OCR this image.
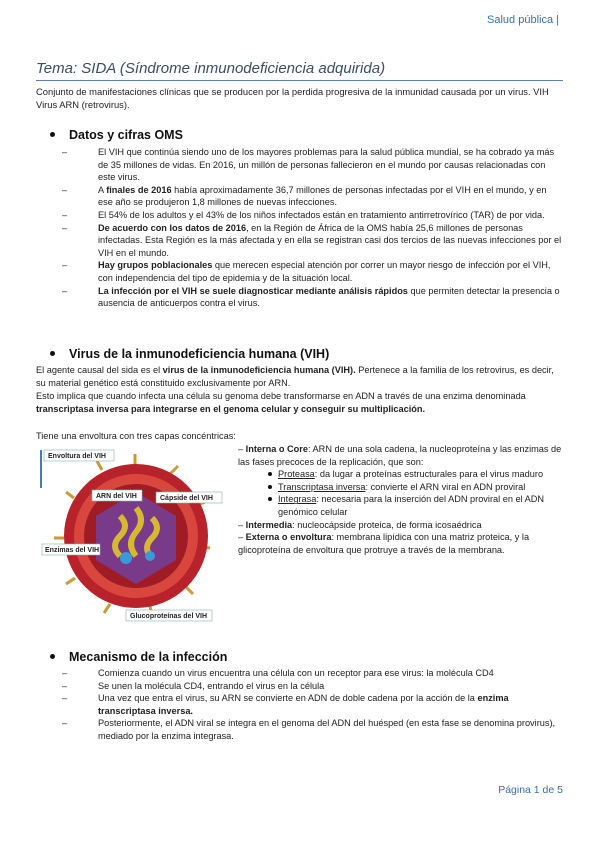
Salud pública |
Tema: SIDA (Síndrome inmunodeficiencia adquirida)
Conjunto de manifestaciones clínicas que se producen por la perdida progresiva de la inmunidad causada por un virus. VIH Virus ARN (retrovirus).
Datos y cifras OMS
– El VIH que continúa siendo uno de los mayores problemas para la salud pública mundial, se ha cobrado ya más de 35 millones de vidas. En 2016, un millón de personas fallecieron en el mundo por causas relacionadas con este virus.
– A finales de 2016 había aproximadamente 36,7 millones de personas infectadas por el VIH en el mundo, y en ese año se produjeron 1,8 millones de nuevas infecciones.
– El 54% de los adultos y el 43% de los niños infectados están en tratamiento antirretrovírico (TAR) de por vida.
– De acuerdo con los datos de 2016, en la Región de África de la OMS había 25,6 millones de personas infectadas. Esta Región es la más afectada y en ella se registran casi dos tercios de las nuevas infecciones por el VIH en el mundo.
– Hay grupos poblacionales que merecen especial atención por correr un mayor riesgo de infección por el VIH, con independencia del tipo de epidemia y de la situación local.
– La infección por el VIH se suele diagnosticar mediante análisis rápidos que permiten detectar la presencia o ausencia de anticuerpos contra el virus.
Virus de la inmunodeficiencia humana (VIH)
El agente causal del sida es el virus de la inmunodeficiencia humana (VIH). Pertenece a la familia de los retrovirus, es decir, su material genético está constituido exclusivamente por ARN.
Esto implica que cuando infecta una célula su genoma debe transformarse en ADN a través de una enzima denominada transcriptasa inversa para integrarse en el genoma celular y conseguir su multiplicación.
Tiene una envoltura con tres capas concéntricas:
– Interna o Core: ARN de una sola cadena, la nucleoproteína y las enzimas de las fases precoces de la replicación, que son:
Proteasa: da lugar a proteínas estructurales para el virus maduro
Transcriptasa inversa: convierte el ARN viral en ADN proviral
Integrasa: necesaria para la inserción del ADN proviral en el ADN genómico celular
– Intermedia: nucleocápside proteica, de forma icosaédrica
– Externa o envoltura: membrana lipídica con una matriz proteica, y la glicoproteína de envoltura que protruye a través de la membrana.
Envoltura del VIH
ARN del VIH	Cápside del VIH
Enzimas del VIH
Glucoproteínas del VIH
Mecanismo de la infección
– Comienza cuando un virus encuentra una célula con un receptor para ese virus: la molécula CD4
– Se unen la molécula CD4, entrando el virus en la célula
– Una vez que entra el virus, su ARN se convierte en ADN de doble cadena por la acción de la enzima transcriptasa inversa.
– Posteriormente, el ADN viral se integra en el genoma del ADN del huésped (en esta fase se denomina provirus), mediado por la enzima integrasa.
Página 1 de 5
